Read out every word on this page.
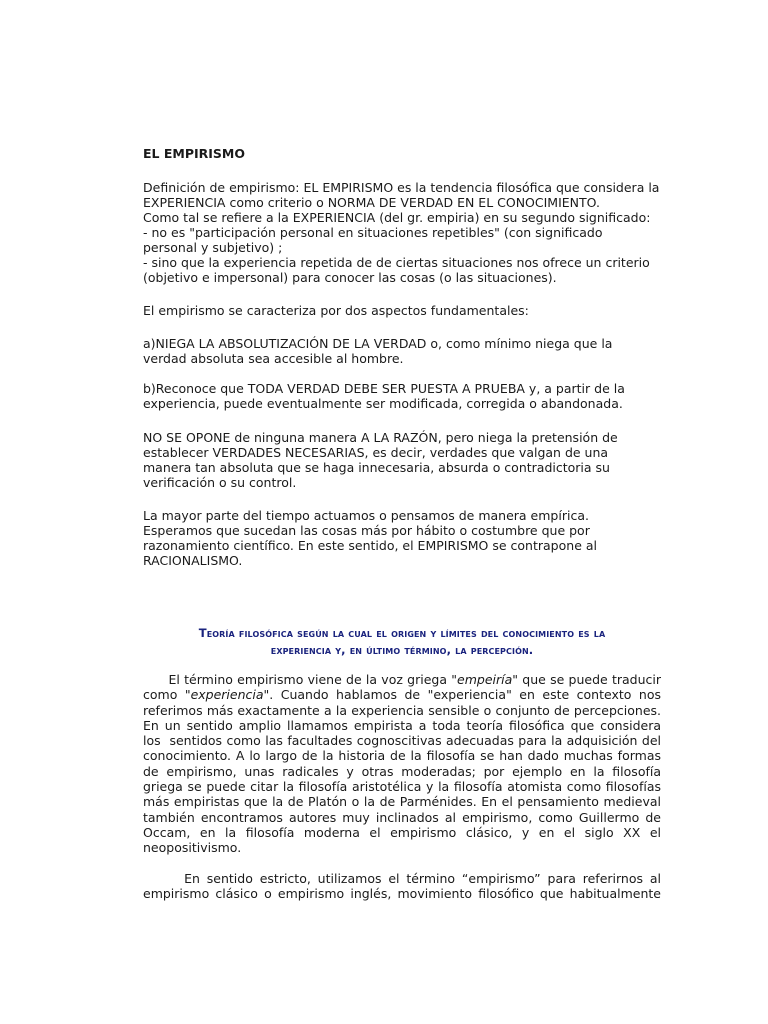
EL EMPIRISMO

Definición de empirismo: EL EMPIRISMO es la tendencia filosófica que considera la
EXPERIENCIA como criterio o NORMA DE VERDAD EN EL CONOCIMIENTO.
Como tal se refiere a la EXPERIENCIA (del gr. empiria) en su segundo significado:
- no es "participación personal en situaciones repetibles" (con significado
personal y subjetivo) ;
- sino que la experiencia repetida de de ciertas situaciones nos ofrece un criterio
(objetivo e impersonal) para conocer las cosas (o las situaciones).

El empirismo se caracteriza por dos aspectos fundamentales:

a)NIEGA LA ABSOLUTIZACIÓN DE LA VERDAD o, como mínimo niega que la
verdad absoluta sea accesible al hombre.

b)Reconoce que TODA VERDAD DEBE SER PUESTA A PRUEBA y, a partir de la
experiencia, puede eventualmente ser modificada, corregida o abandonada.

NO SE OPONE de ninguna manera A LA RAZÓN, pero niega la pretensión de
establecer VERDADES NECESARIAS, es decir, verdades que valgan de una
manera tan absoluta que se haga innecesaria, absurda o contradictoria su
verificación o su control.

La mayor parte del tiempo actuamos o pensamos de manera empírica.
Esperamos que sucedan las cosas más por hábito o costumbre que por
razonamiento científico. En este sentido, el EMPIRISMO se contrapone al
RACIONALISMO.

Teoría filosófica según la cual el origen y límites del conocimiento es la
experiencia y, en último término, la percepción.
El término empirismo viene de la voz griega "empeiría" que se puede traducir
como "experiencia". Cuando hablamos de "experiencia" en este contexto nos
referimos más exactamente a la experiencia sensible o conjunto de percepciones.
En un sentido amplio llamamos empirista a toda teoría filosófica que considera
los  sentidos como las facultades cognoscitivas adecuadas para la adquisición del
conocimiento. A lo largo de la historia de la filosofía se han dado muchas formas
de empirismo, unas radicales y otras moderadas; por ejemplo en la filosofía
griega se puede citar la filosofía aristotélica y la filosofía atomista como filosofías
más empiristas que la de Platón o la de Parménides. En el pensamiento medieval
también encontramos autores muy inclinados al empirismo, como Guillermo de
Occam, en la filosofía moderna el empirismo clásico, y en el siglo XX el
neopositivismo.
En sentido estricto, utilizamos el término “empirismo” para referirnos al
empirismo clásico o empirismo inglés, movimiento filosófico que habitualmente
